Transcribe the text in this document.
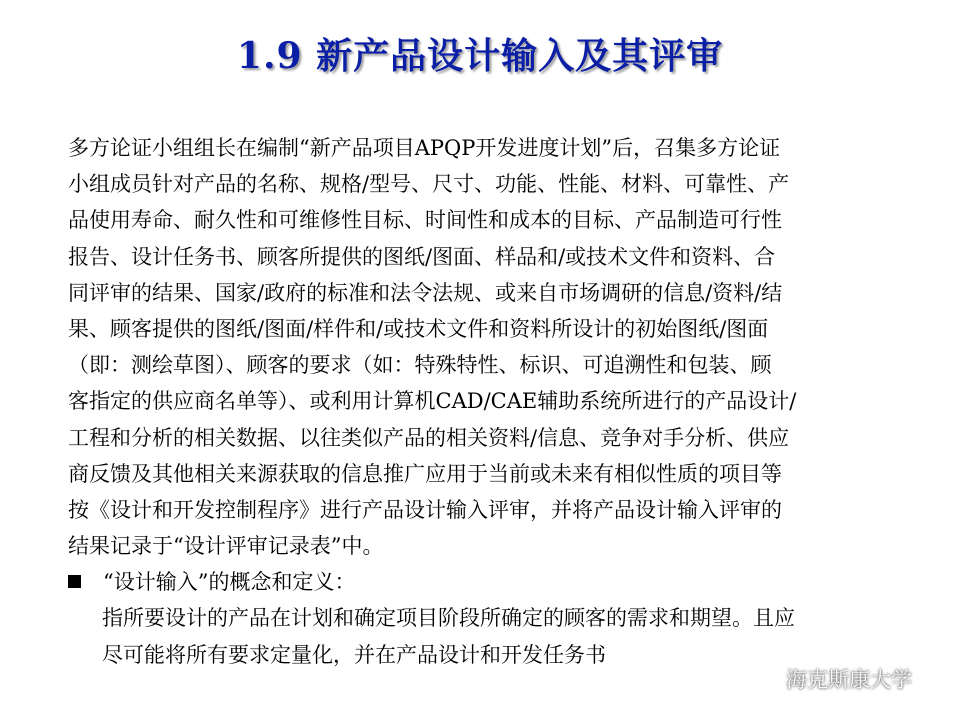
1.9 新产品设计输入及其评审
多方论证小组组长在编制“新产品项目APQP开发进度计划”后，召集多方论证
小组成员针对产品的名称、规格/型号、尺寸、功能、性能、材料、可靠性、产
品使用寿命、耐久性和可维修性目标、时间性和成本的目标、产品制造可行性
报告、设计任务书、顾客所提供的图纸/图面、样品和/或技术文件和资料、合
同评审的结果、国家/政府的标准和法令法规、或来自市场调研的信息/资料/结
果、顾客提供的图纸/图面/样件和/或技术文件和资料所设计的初始图纸/图面
（即：测绘草图）、顾客的要求（如：特殊特性、标识、可追溯性和包装、顾
客指定的供应商名单等）、或利用计算机CAD/CAE辅助系统所进行的产品设计/
工程和分析的相关数据、以往类似产品的相关资料/信息、竞争对手分析、供应
商反馈及其他相关来源获取的信息推广应用于当前或未来有相似性质的项目等
按《设计和开发控制程序》进行产品设计输入评审，并将产品设计输入评审的
结果记录于“设计评审记录表”中。
“设计输入”的概念和定义：
指所要设计的产品在计划和确定项目阶段所确定的顾客的需求和期望。且应
尽可能将所有要求定量化，并在产品设计和开发任务书
海克斯康大学
